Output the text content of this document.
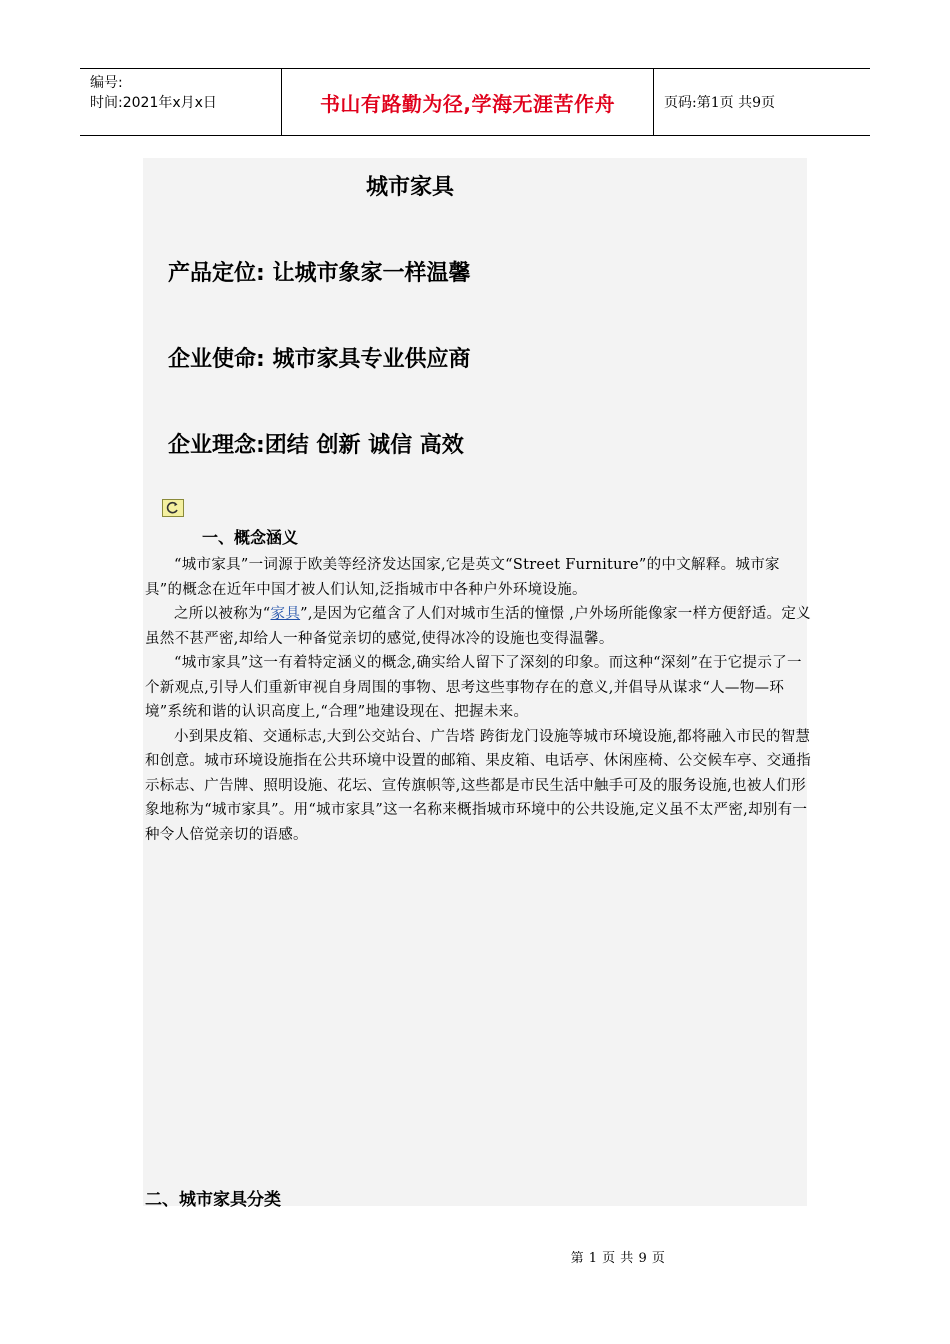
编号:
时间:2021年x月x日	书山有路勤为径,学海无涯苦作舟	页码:第1页 共9页
城市家具
产品定位: 让城市象家一样温馨
企业使命: 城市家具专业供应商
企业理念:团结 创新 诚信 高效
一、概念涵义

“城市家具”一词源于欧美等经济发达国家,它是英文“Street Furniture”的中文解释。城市家具”的概念在近年中国才被人们认知,泛指城市中各种户外环境设施。

之所以被称为“家具”,是因为它蕴含了人们对城市生活的憧憬 ,户外场所能像家一样方便舒适。定义虽然不甚严密,却给人一种备觉亲切的感觉,使得冰冷的设施也变得温馨。

“城市家具”这一有着特定涵义的概念,确实给人留下了深刻的印象。而这种“深刻”在于它提示了一个新观点,引导人们重新审视自身周围的事物、思考这些事物存在的意义,并倡导从谋求“人—物—环境”系统和谐的认识高度上,“合理”地建设现在、把握未来。

小到果皮箱、交通标志,大到公交站台、广告塔 跨街龙门设施等城市环境设施,都将融入市民的智慧和创意。城市环境设施指在公共环境中设置的邮箱、果皮箱、电话亭、休闲座椅、公交候车亭、交通指示标志、广告牌、照明设施、花坛、宣传旗帜等,这些都是市民生活中触手可及的服务设施,也被人们形象地称为“城市家具”。用“城市家具”这一名称来概指城市环境中的公共设施,定义虽不太严密,却别有一种令人倍觉亲切的语感。

二、城市家具分类
第 1 页 共 9 页
